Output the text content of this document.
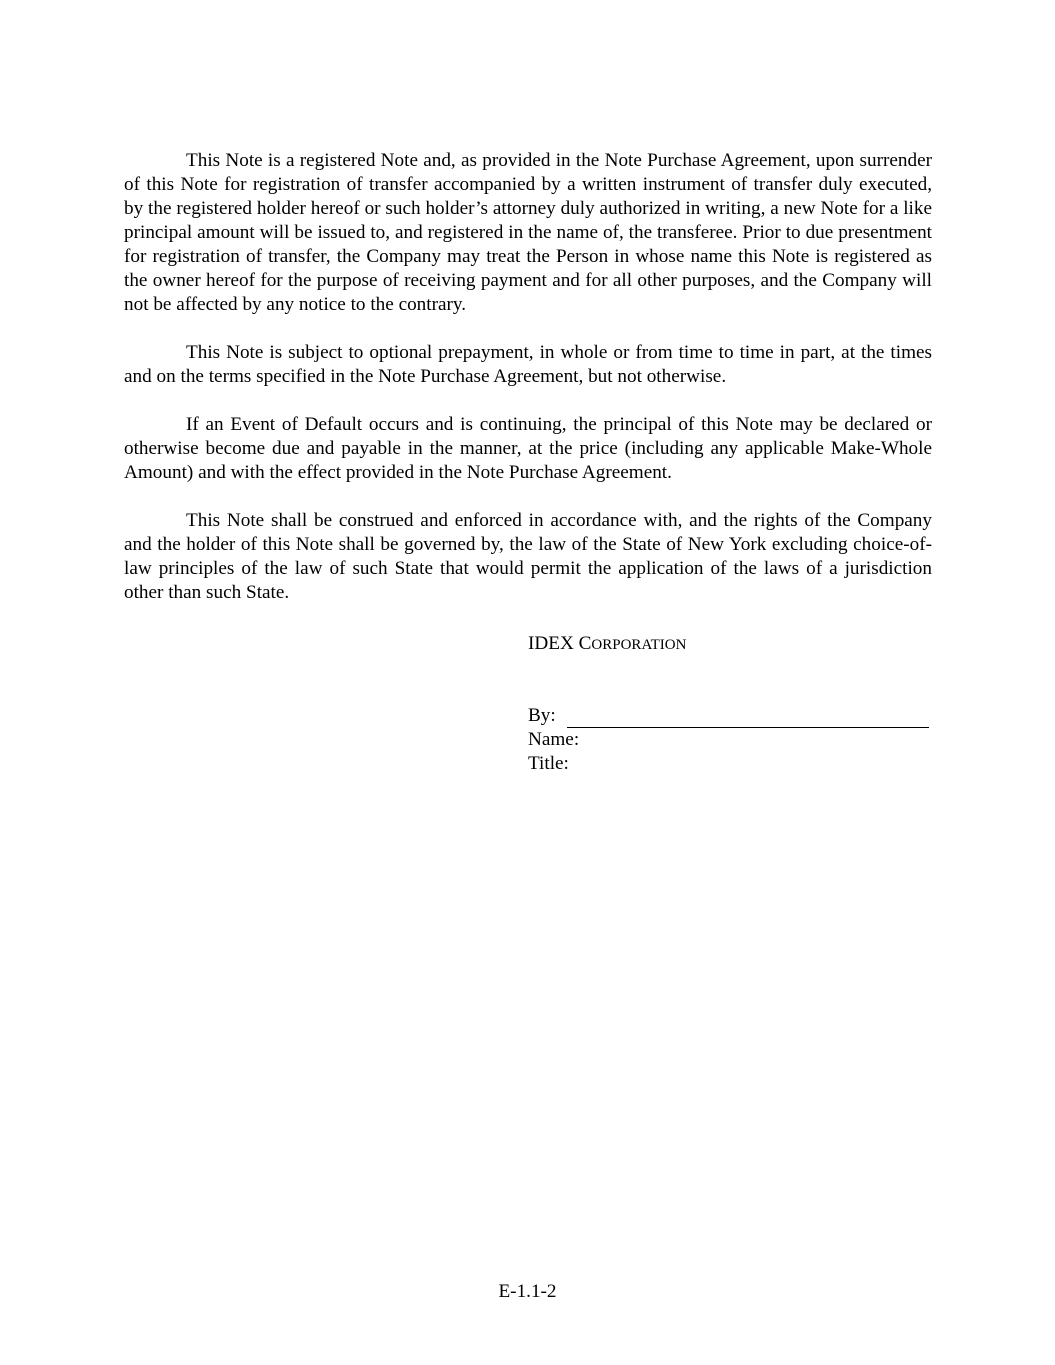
This Note is a registered Note and, as provided in the Note Purchase Agreement, upon surrender of this Note for registration of transfer accompanied by a written instrument of transfer duly executed, by the registered holder hereof or such holder’s attorney duly authorized in writing, a new Note for a like principal amount will be issued to, and registered in the name of, the transferee. Prior to due presentment for registration of transfer, the Company may treat the Person in whose name this Note is registered as the owner hereof for the purpose of receiving payment and for all other purposes, and the Company will not be affected by any notice to the contrary.

This Note is subject to optional prepayment, in whole or from time to time in part, at the times and on the terms specified in the Note Purchase Agreement, but not otherwise.

If an Event of Default occurs and is continuing, the principal of this Note may be declared or otherwise become due and payable in the manner, at the price (including any applicable Make-Whole Amount) and with the effect provided in the Note Purchase Agreement.

This Note shall be construed and enforced in accordance with, and the rights of the Company and the holder of this Note shall be governed by, the law of the State of New York excluding choice-of-law principles of the law of such State that would permit the application of the laws of a jurisdiction other than such State.

IDEX CORPORATION

By:
Name:
Title:
E-1.1-2
